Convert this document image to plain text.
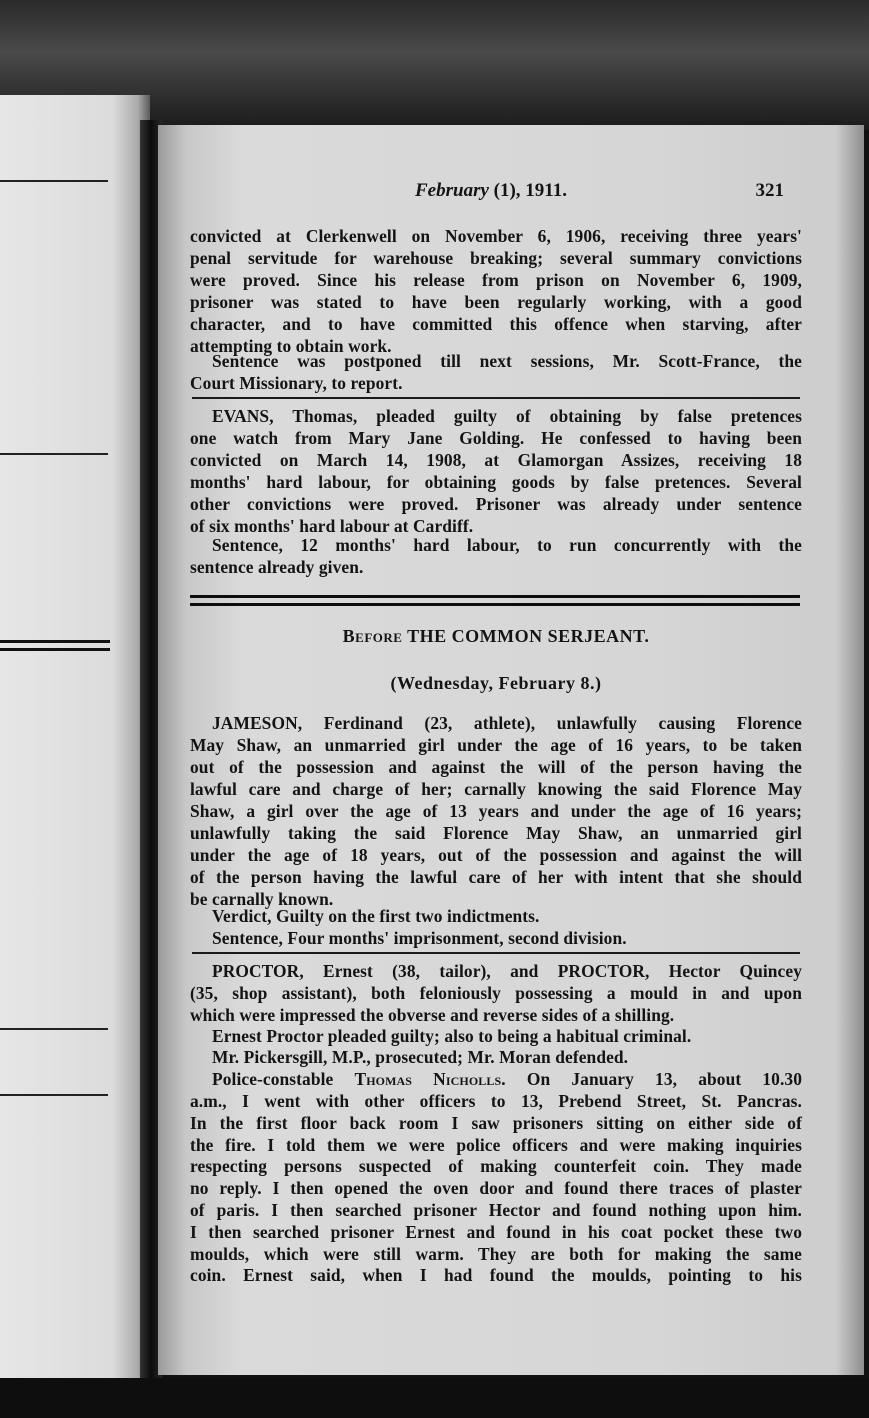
February (1), 1911.	321
convicted at Clerkenwell on November 6, 1906, receiving three years'
penal servitude for warehouse breaking; several summary convictions
were proved. Since his release from prison on November 6, 1909,
prisoner was stated to have been regularly working, with a good
character, and to have committed this offence when starving, after
attempting to obtain work.
Sentence was postponed till next sessions, Mr. Scott-France, the
Court Missionary, to report.
EVANS, Thomas, pleaded guilty of obtaining by false pretences
one watch from Mary Jane Golding. He confessed to having been
convicted on March 14, 1908, at Glamorgan Assizes, receiving 18
months' hard labour, for obtaining goods by false pretences. Several
other convictions were proved. Prisoner was already under sentence
of six months' hard labour at Cardiff.
Sentence, 12 months' hard labour, to run concurrently with the
sentence already given.
Before THE COMMON SERJEANT.
(Wednesday, February 8.)
JAMESON, Ferdinand (23, athlete), unlawfully causing Florence
May Shaw, an unmarried girl under the age of 16 years, to be taken
out of the possession and against the will of the person having the
lawful care and charge of her; carnally knowing the said Florence May
Shaw, a girl over the age of 13 years and under the age of 16 years;
unlawfully taking the said Florence May Shaw, an unmarried girl
under the age of 18 years, out of the possession and against the will
of the person having the lawful care of her with intent that she should
be carnally known.
Verdict, Guilty on the first two indictments.
Sentence, Four months' imprisonment, second division.
PROCTOR, Ernest (38, tailor), and PROCTOR, Hector Quincey
(35, shop assistant), both feloniously possessing a mould in and upon
which were impressed the obverse and reverse sides of a shilling.
Ernest Proctor pleaded guilty; also to being a habitual criminal.
Mr. Pickersgill, M.P., prosecuted; Mr. Moran defended.
Police-constable Thomas Nicholls. On January 13, about 10.30
a.m., I went with other officers to 13, Prebend Street, St. Pancras.
In the first floor back room I saw prisoners sitting on either side of
the fire. I told them we were police officers and were making inquiries
respecting persons suspected of making counterfeit coin. They made
no reply. I then opened the oven door and found there traces of plaster
of paris. I then searched prisoner Hector and found nothing upon him.
I then searched prisoner Ernest and found in his coat pocket these two
moulds, which were still warm. They are both for making the same
coin. Ernest said, when I had found the moulds, pointing to his
